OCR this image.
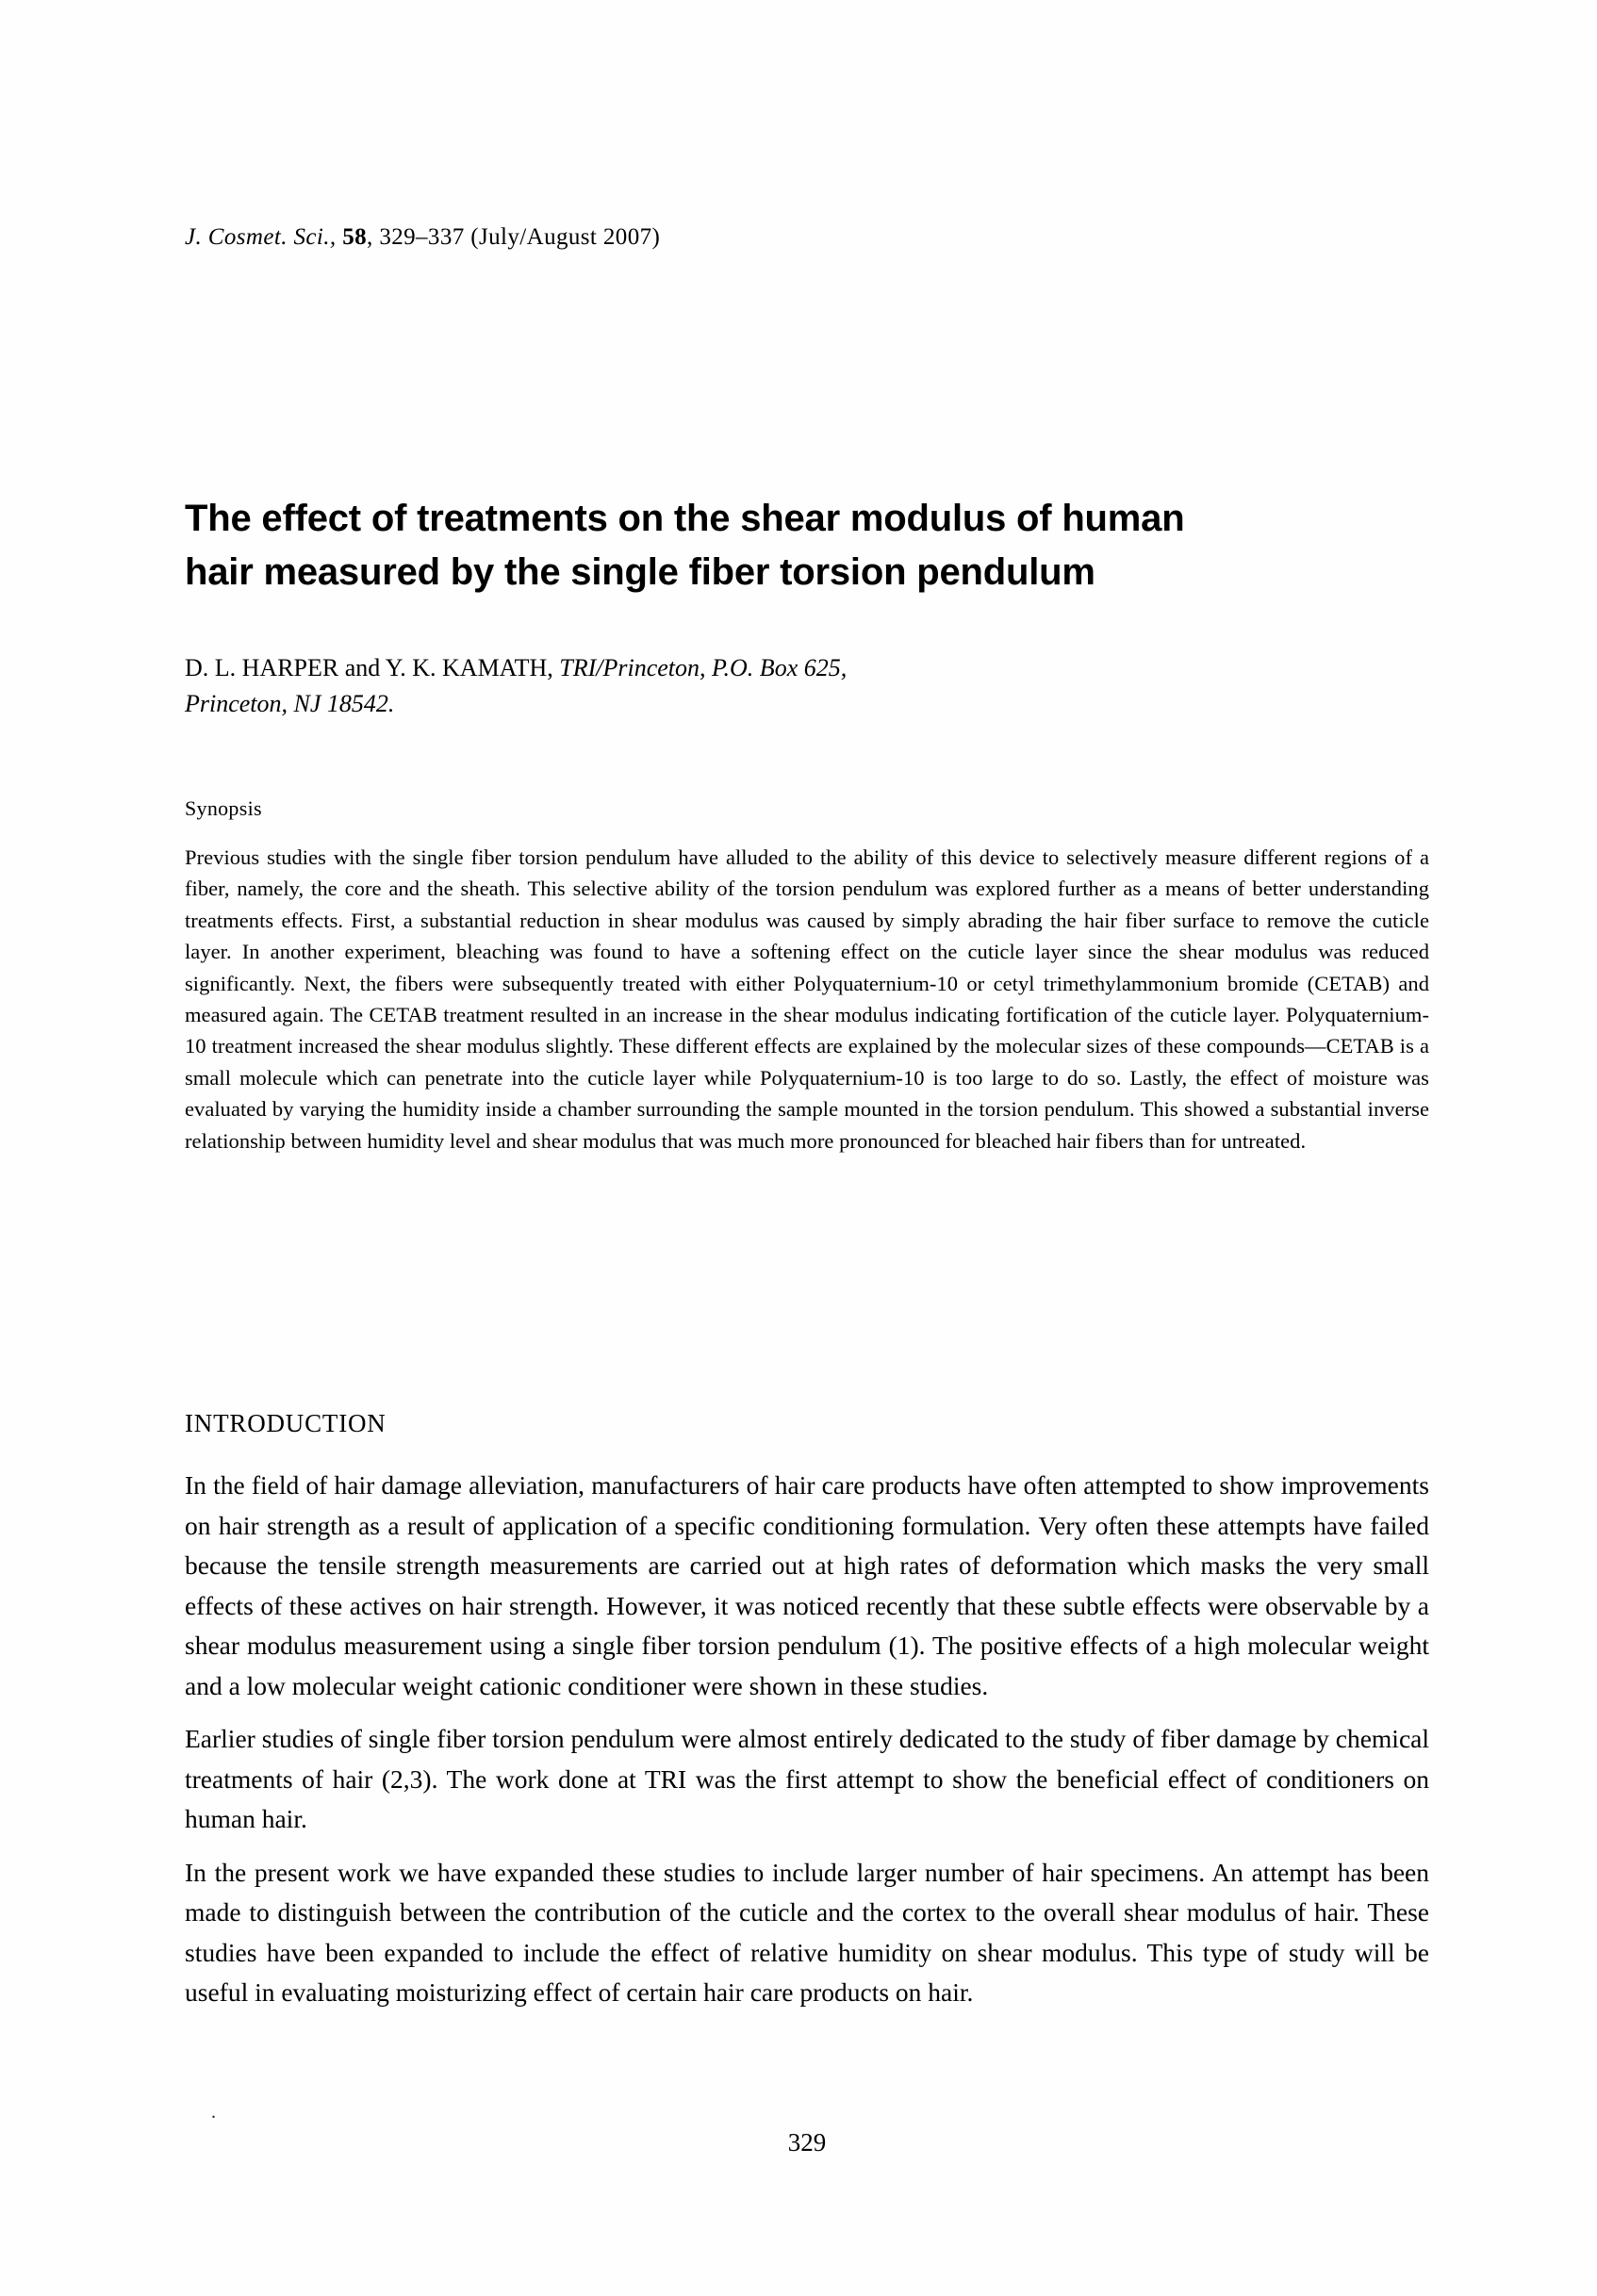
J. Cosmet. Sci., 58, 329–337 (July/August 2007)
The effect of treatments on the shear modulus of human
hair measured by the single fiber torsion pendulum
D. L. HARPER and Y. K. KAMATH, TRI/Princeton, P.O. Box 625,
Princeton, NJ 18542.
Synopsis
Previous studies with the single fiber torsion pendulum have alluded to the ability of this device to selectively measure different regions of a fiber, namely, the core and the sheath. This selective ability of the torsion pendulum was explored further as a means of better understanding treatments effects. First, a substantial reduction in shear modulus was caused by simply abrading the hair fiber surface to remove the cuticle layer. In another experiment, bleaching was found to have a softening effect on the cuticle layer since the shear modulus was reduced significantly. Next, the fibers were subsequently treated with either Polyquaternium-10 or cetyl trimethylammonium bromide (CETAB) and measured again. The CETAB treatment resulted in an increase in the shear modulus indicating fortification of the cuticle layer. Polyquaternium-10 treatment increased the shear modulus slightly. These different effects are explained by the molecular sizes of these compounds—CETAB is a small molecule which can penetrate into the cuticle layer while Polyquaternium-10 is too large to do so. Lastly, the effect of moisture was evaluated by varying the humidity inside a chamber surrounding the sample mounted in the torsion pendulum. This showed a substantial inverse relationship between humidity level and shear modulus that was much more pronounced for bleached hair fibers than for untreated.
INTRODUCTION

In the field of hair damage alleviation, manufacturers of hair care products have often attempted to show improvements on hair strength as a result of application of a specific conditioning formulation. Very often these attempts have failed because the tensile strength measurements are carried out at high rates of deformation which masks the very small effects of these actives on hair strength. However, it was noticed recently that these subtle effects were observable by a shear modulus measurement using a single fiber torsion pendulum (1). The positive effects of a high molecular weight and a low molecular weight cationic conditioner were shown in these studies.

Earlier studies of single fiber torsion pendulum were almost entirely dedicated to the study of fiber damage by chemical treatments of hair (2,3). The work done at TRI was the first attempt to show the beneficial effect of conditioners on human hair.

In the present work we have expanded these studies to include larger number of hair specimens. An attempt has been made to distinguish between the contribution of the cuticle and the cortex to the overall shear modulus of hair. These studies have been expanded to include the effect of relative humidity on shear modulus. This type of study will be useful in evaluating moisturizing effect of certain hair care products on hair.

.
329
